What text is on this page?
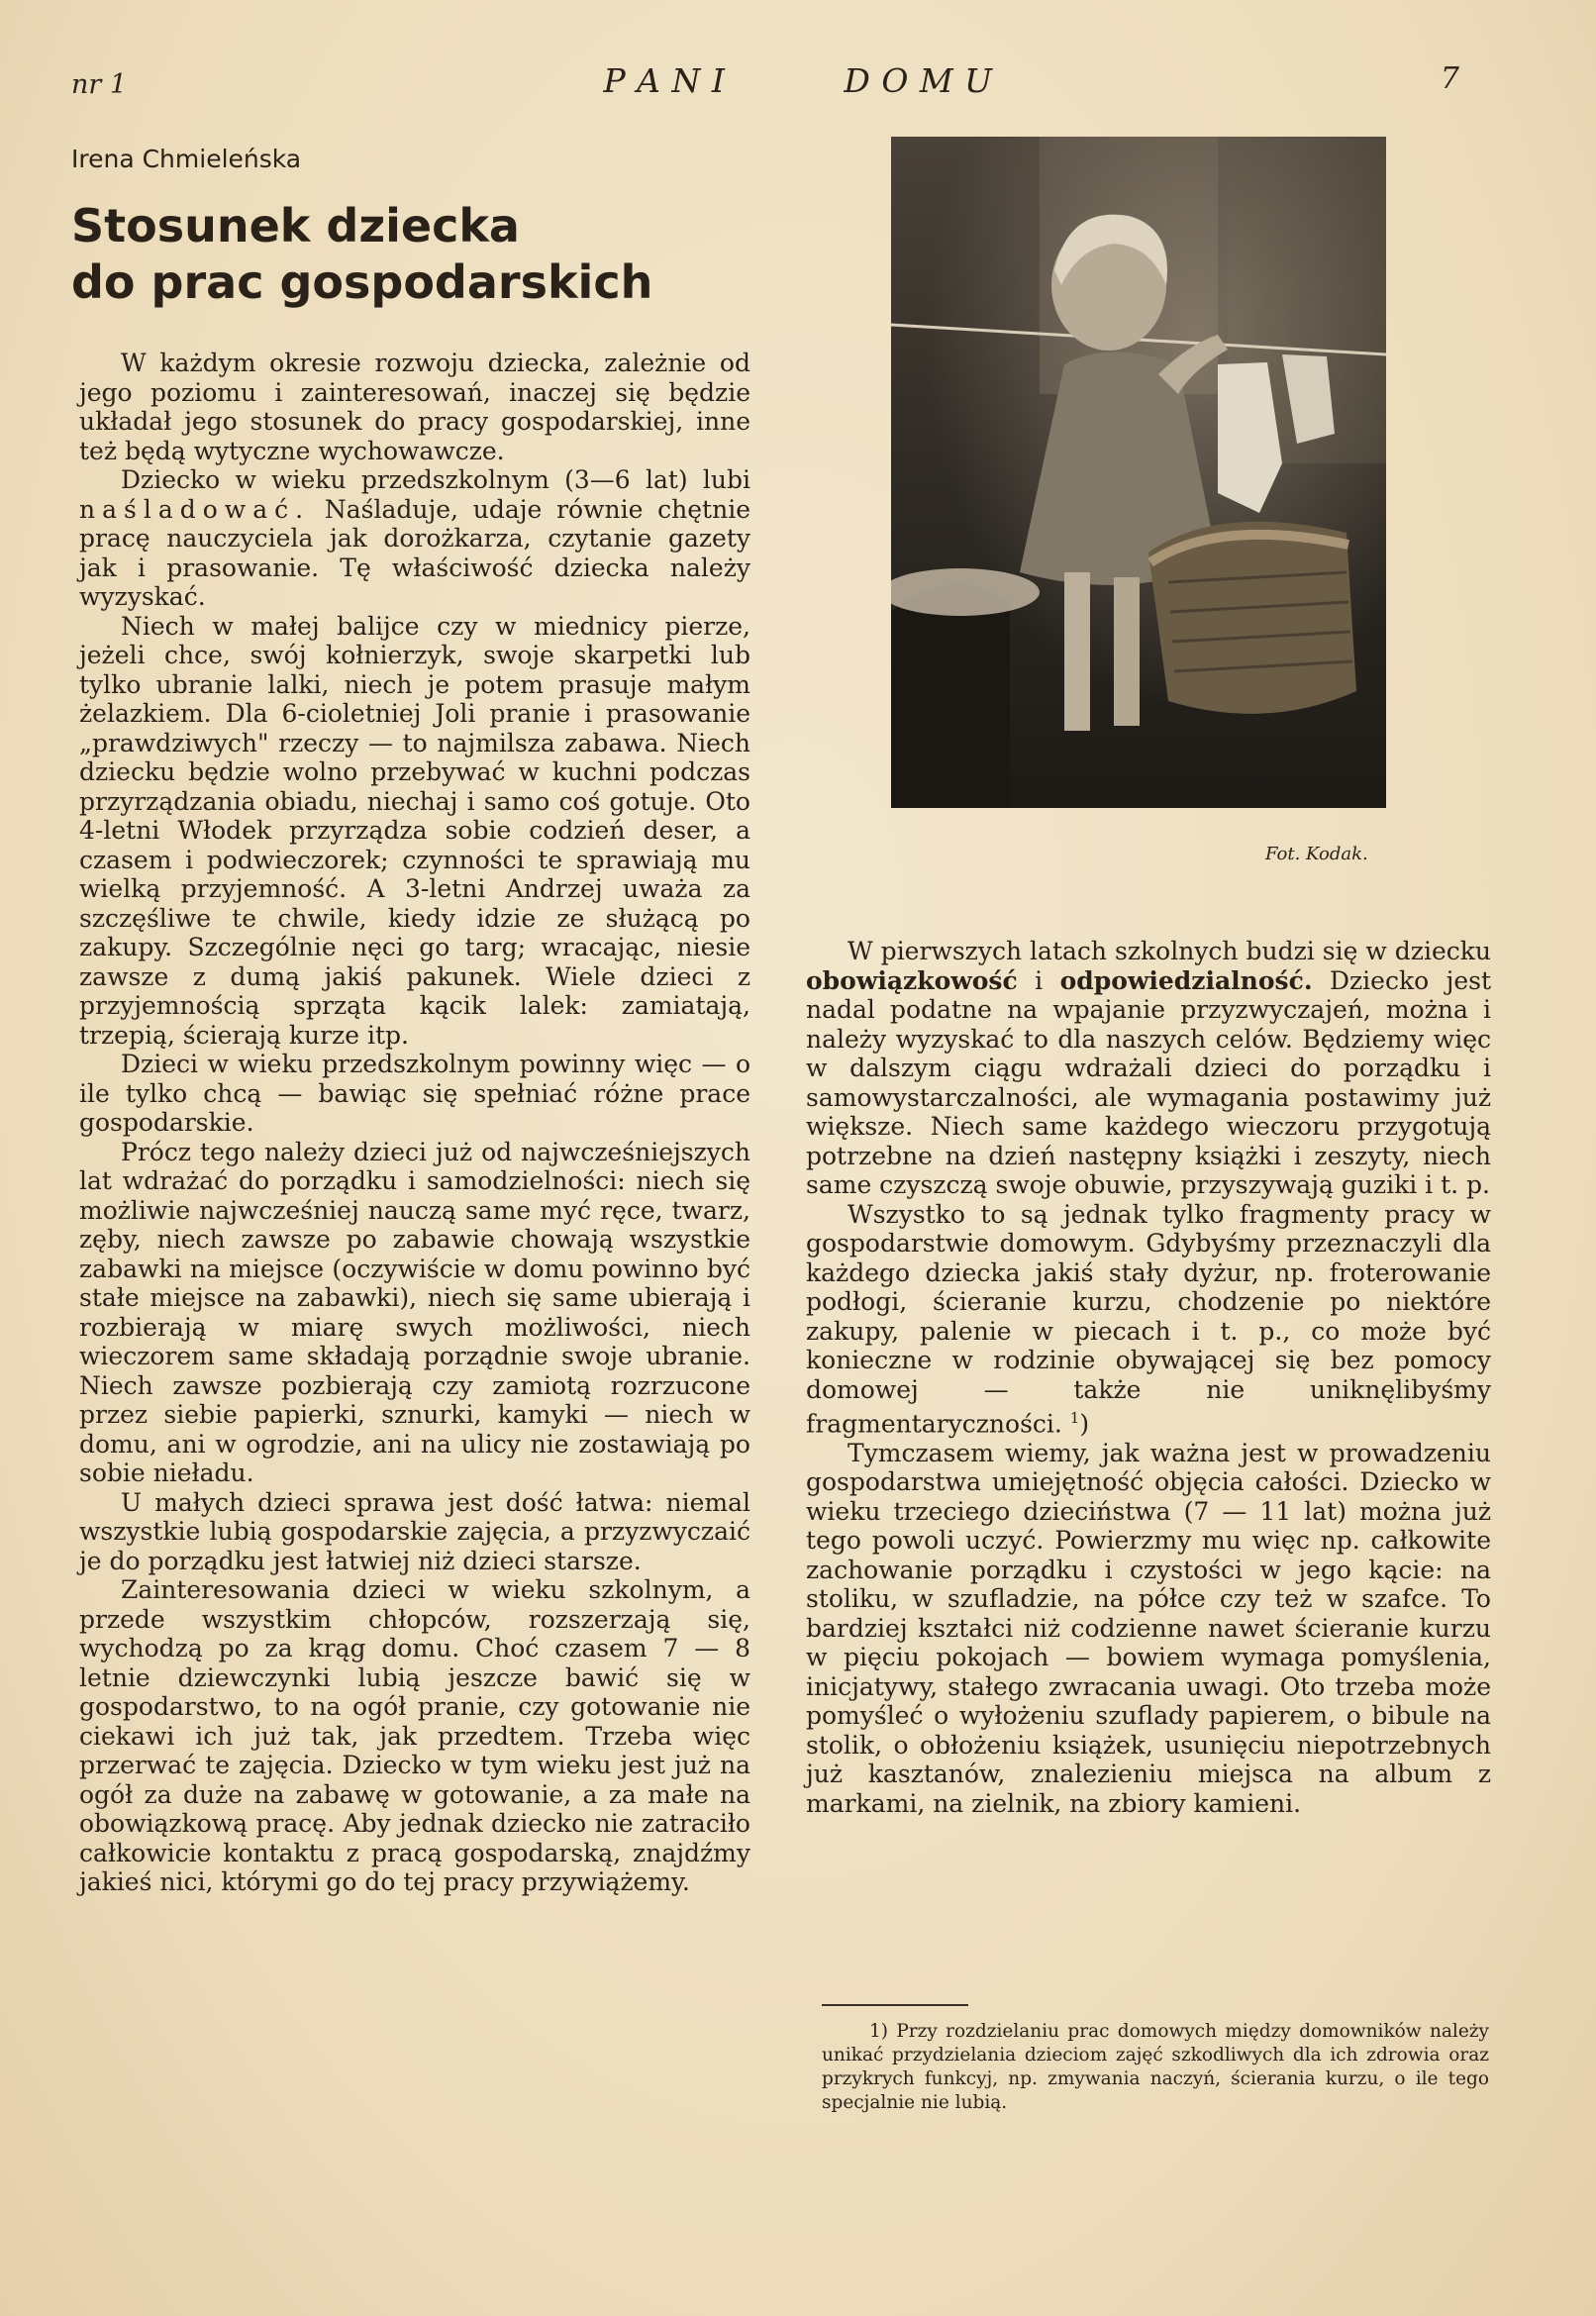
nr 1	P A N I	D O M U	7
Irena Chmieleńska
Stosunek dziecka
do prac gospodarskich

W każdym okresie rozwoju dziecka, zależnie od jego poziomu i zainteresowań, inaczej się będzie układał jego stosunek do pracy gospodarskiej, inne też będą wytyczne wychowawcze.

Dziecko w wieku przedszkolnym (3—6 lat) lubi naśladować. Naśladuje, udaje równie chętnie pracę nauczyciela jak dorożkarza, czytanie gazety jak i prasowanie. Tę właściwość dziecka należy wyzyskać.

Niech w małej balijce czy w miednicy pierze, jeżeli chce, swój kołnierzyk, swoje skarpetki lub tylko ubranie lalki, niech je potem prasuje małym żelazkiem. Dla 6-cioletniej Joli pranie i prasowanie „prawdziwych" rzeczy — to najmilsza zabawa. Niech dziecku będzie wolno przebywać w kuchni podczas przyrządzania obiadu, niechaj i samo coś gotuje. Oto 4-letni Włodek przyrządza sobie codzień deser, a czasem i podwieczorek; czynności te sprawiają mu wielką przyjemność. A 3-letni Andrzej uważa za szczęśliwe te chwile, kiedy idzie ze służącą po zakupy. Szczególnie nęci go targ; wracając, niesie zawsze z dumą jakiś pakunek. Wiele dzieci z przyjemnością sprząta kącik lalek: zamiatają, trzepią, ścierają kurze itp.

Dzieci w wieku przedszkolnym powinny więc — o ile tylko chcą — bawiąc się spełniać różne prace gospodarskie.

Prócz tego należy dzieci już od najwcześniejszych lat wdrażać do porządku i samodzielności: niech się możliwie najwcześniej nauczą same myć ręce, twarz, zęby, niech zawsze po zabawie chowają wszystkie zabawki na miejsce (oczywiście w domu powinno być stałe miejsce na zabawki), niech się same ubierają i rozbierają w miarę swych możliwości, niech wieczorem same składają porządnie swoje ubranie. Niech zawsze pozbierają czy zamiotą rozrzucone przez siebie papierki, sznurki, kamyki — niech w domu, ani w ogrodzie, ani na ulicy nie zostawiają po sobie nieładu.

U małych dzieci sprawa jest dość łatwa: niemal wszystkie lubią gospodarskie zajęcia, a przyzwyczaić je do porządku jest łatwiej niż dzieci starsze.

Zainteresowania dzieci w wieku szkolnym, a przede wszystkim chłopców, rozszerzają się, wychodzą po za krąg domu. Choć czasem 7 — 8 letnie dziewczynki lubią jeszcze bawić się w gospodarstwo, to na ogół pranie, czy gotowanie nie ciekawi ich już tak, jak przedtem. Trzeba więc przerwać te zajęcia. Dziecko w tym wieku jest już na ogół za duże na zabawę w gotowanie, a za małe na obowiązkową pracę. Aby jednak dziecko nie zatraciło całkowicie kontaktu z pracą gospodarską, znajdźmy jakieś nici, którymi go do tej pracy przywiążemy.

Fot. Kodak.

W pierwszych latach szkolnych budzi się w dziecku obowiązkowość i odpowiedzialność. Dziecko jest nadal podatne na wpajanie przyzwyczajeń, można i należy wyzyskać to dla naszych celów. Będziemy więc w dalszym ciągu wdrażali dzieci do porządku i samowystarczalności, ale wymagania postawimy już większe. Niech same każdego wieczoru przygotują potrzebne na dzień następny książki i zeszyty, niech same czyszczą swoje obuwie, przyszywają guziki i t. p.

Wszystko to są jednak tylko fragmenty pracy w gospodarstwie domowym. Gdybyśmy przeznaczyli dla każdego dziecka jakiś stały dyżur, np. froterowanie podłogi, ścieranie kurzu, chodzenie po niektóre zakupy, palenie w piecach i t. p., co może być konieczne w rodzinie obywającej się bez pomocy domowej — także nie uniknęlibyśmy fragmentaryczności. $^1$)

Tymczasem wiemy, jak ważna jest w prowadzeniu gospodarstwa umiejętność objęcia całości. Dziecko w wieku trzeciego dzieciństwa (7 — 11 lat) można już tego powoli uczyć. Powierzmy mu więc np. całkowite zachowanie porządku i czystości w jego kącie: na stoliku, w szufladzie, na półce czy też w szafce. To bardziej kształci niż codzienne nawet ścieranie kurzu w pięciu pokojach — bowiem wymaga pomyślenia, inicjatywy, stałego zwracania uwagi. Oto trzeba może pomyśleć o wyłożeniu szuflady papierem, o bibule na stolik, o obłożeniu książek, usunięciu niepotrzebnych już kasztanów, znalezieniu miejsca na album z markami, na zielnik, na zbiory kamieni.

1) Przy rozdzielaniu prac domowych między domowników należy unikać przydzielania dzieciom zajęć szkodliwych dla ich zdrowia oraz przykrych funkcyj, np. zmywania naczyń, ścierania kurzu, o ile tego specjalnie nie lubią.
